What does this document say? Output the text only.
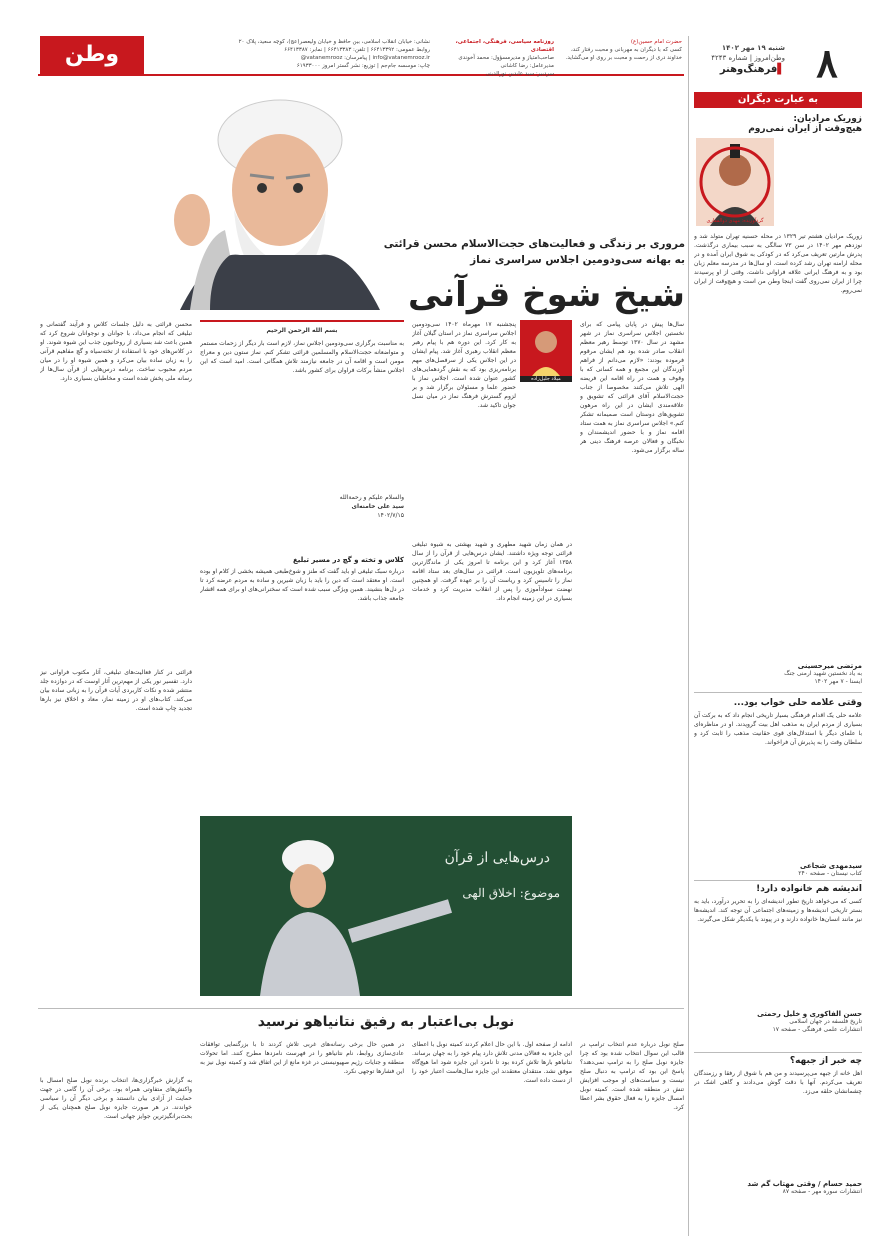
۸
شنبه ۱۹ مهر ۱۴۰۲
وطن‌امروز | شماره ۴۲۴۳
▌فرهنگ‌وهنر
به عبارت دیگران
زوریک مرادیان:
هیچ‌وقت از ایران نمی‌روم
گردآورنده: مهدی ذوالفقاری
زوریک مرادیان هشتم تیر ۱۳۲۹ در محله حسنیه تهران متولد شد و نوزدهم مهر ۱۴۰۲ در سن ۷۳ سالگی به سبب بیماری درگذشت. پدرش مارتین تعریف می‌کرد که در کودکی به شوق ایران آمده و در محله ارامنه تهران رشد کرده است. او سال‌ها در مدرسه معلم زبان بود و به فرهنگ ایرانی علاقه فراوانی داشت. وقتی از او پرسیدند چرا از ایران نمی‌روی گفت اینجا وطن من است و هیچ‌وقت از ایران نمی‌روم.
مرتضی میرحسینی
به یاد نخستین شهید ارمنی جنگ
ایسنا - ۷ مهر ۱۴۰۲
وقتی علامه حلی خواب بود...
علامه حلی یک اقدام فرهنگی بسیار تاریخی انجام داد که به برکت آن بسیاری از مردم ایران به مذهب اهل بیت گرویدند. او در مناظره‌ای با علمای دیگر با استدلال‌های قوی حقانیت مذهب را ثابت کرد و سلطان وقت را به پذیرش آن فراخواند.
سیدمهدی شجاعی
کتاب نیستان - صفحه ۲۴۰
اندیشه هم خانواده دارد!
کسی که می‌خواهد تاریخ تطور اندیشه‌ای را به تحریر درآورد، باید به بستر تاریخی اندیشه‌ها و زمینه‌های اجتماعی آن توجه کند. اندیشه‌ها نیز مانند انسان‌ها خانواده دارند و در پیوند با یکدیگر شکل می‌گیرند.
حسن الفاکوری و خلیل رحمتی
تاریخ فلسفه در جهان اسلامی
انتشارات علمی فرهنگی - صفحه ۱۷
چه خبر از جبهه؟
اهل خانه از جبهه می‌پرسیدند و من هم با شوق از رفقا و رزمندگان تعریف می‌کردم. آنها با دقت گوش می‌دادند و گاهی اشک در چشمانشان حلقه می‌زد.
حمید حسام / وقتی مهتاب گم شد
انتشارات سوره مهر - صفحه ۸۷
وطن امروز
نشانی: خیابان انقلاب اسلامی، بین حافظ و خیابان ولیعصر(عج)، کوچه سعید، پلاک ۲۰
روابط عمومی: ۶۶۴۱۳۳۹۲ | تلفن: ۶۶۴۱۳۳۸۳ | نمابر: ۶۶۴۱۳۳۸۷
info@vatanemrooz.ir | پیامرسان: vatanemrooz@
چاپ: موسسه جام‌جم | توزیع: نشر گستر امروز ۶۱۹۳۳۰۰۰
روزنامه سیاسی، فرهنگی، اجتماعی، اقتصادی
صاحب‌امتیاز و مدیرمسؤول: محمد آخوندی
مدیرعامل: رضا کاشانی
سردبیر: سید عابدین نورالدینی
حضرت امام حسین(ع)
کسی که با دیگران به مهربانی و محبت رفتار کند، خداوند دری از رحمت و محبت بر روی او می‌گشاید.
مروری بر زندگی و فعالیت‌های حجت‌الاسلام محسن قرائتی
به بهانه سی‌ودومین اجلاس سراسری نماز
شیخ شوخ قرآنی
سال‌ها پیش در پایان پیامی که برای نخستین اجلاس سراسری نماز در شهر مشهد در سال ۱۳۷۰ توسط رهبر معظم انقلاب صادر شده بود هم ایشان مرقوم فرموده بودند: «لازم می‌دانم از فراهم آورندگان این مجمع و همه کسانی که با وقوف و همت در راه اقامه این فریضه الهی تلاش می‌کنند مخصوصا از جناب حجت‌الاسلام آقای قرائتی که تشویق و علاقه‌مندی ایشان در این راه مرهون تشویق‌های دوستان است صمیمانه تشکر کنم.» اجلاس سراسری نماز به همت ستاد اقامه نماز و با حضور اندیشمندان و نخبگان و فعالان عرصه فرهنگ دینی هر ساله برگزار می‌شود.
میلاد جلیل‌زاده
پنجشنبه ۱۷ مهرماه ۱۴۰۲ سی‌ودومین اجلاس سراسری نماز در استان گیلان آغاز به کار کرد. این دوره هم با پیام رهبر معظم انقلاب رهبری آغاز شد. پیام ایشان در این اجلاس یکی از سرفصل‌های مهم برنامه‌ریزی بود که به نقش گردهمایی‌های کشور عنوان شده است. اجلاس نماز با حضور علما و مسئولان برگزار شد و بر لزوم گسترش فرهنگ نماز در میان نسل جوان تاکید شد.
بسم الله الرحمن الرحیم
به مناسبت برگزاری سی‌ودومین اجلاس نماز، لازم است بار دیگر از زحمات مستمر و متواضعانه حجت‌الاسلام والمسلمین قرائتی تشکر کنم. نماز ستون دین و معراج مومن است و اقامه آن در جامعه نیازمند تلاش همگانی است. امید است که این اجلاس منشأ برکات فراوان برای کشور باشد.
والسلام علیکم و رحمة‌الله
سید علی خامنه‌ای
۱۴۰۲/۷/۱۵
محسن قرائتی به دلیل جلسات کلاس و فرآیند گفتمانی و تبلیغی که انجام می‌داد، با جوانان و نوجوانان شروع کرد که همین باعث شد بسیاری از روحانیون جذب این شیوه شوند. او در کلاس‌های خود با استفاده از تخته‌سیاه و گچ مفاهیم قرآنی را به زبان ساده بیان می‌کرد و همین شیوه او را در میان مردم محبوب ساخت. برنامه درس‌هایی از قرآن سال‌ها از رسانه ملی پخش شده است و مخاطبان بسیاری دارد.
در همان زمان شهید مطهری و شهید بهشتی به شیوه تبلیغی قرائتی توجه ویژه داشتند. ایشان درس‌هایی از قرآن را از سال ۱۳۵۸ آغاز کرد و این برنامه تا امروز یکی از ماندگارترین برنامه‌های تلویزیون است. قرائتی در سال‌های بعد ستاد اقامه نماز را تاسیس کرد و ریاست آن را بر عهده گرفت. او همچنین نهضت سوادآموزی را پس از انقلاب مدیریت کرد و خدمات بسیاری در این زمینه انجام داد.
کلاس و تخته و گچ در مسیر تبلیغ
درباره سبک تبلیغی او باید گفت که طنز و شوخ‌طبعی همیشه بخشی از کلام او بوده است. او معتقد است که دین را باید با زبان شیرین و ساده به مردم عرضه کرد تا در دل‌ها بنشیند. همین ویژگی سبب شده است که سخنرانی‌های او برای همه اقشار جامعه جذاب باشد.
قرائتی در کنار فعالیت‌های تبلیغی، آثار مکتوب فراوانی نیز دارد. تفسیر نور یکی از مهم‌ترین آثار اوست که در دوازده جلد منتشر شده و نکات کاربردی آیات قرآن را به زبانی ساده بیان می‌کند. کتاب‌های او در زمینه نماز، معاد و اخلاق نیز بارها تجدید چاپ شده است.
درس‌هایی از قرآن
موضوع: اخلاق الهی
نوبل بی‌اعتبار به رفیق نتانیاهو نرسید
صلح نوبل درباره عدم انتخاب ترامپ در قالب این سوال انتخاب شده بود که چرا جایزه نوبل صلح را به ترامپ نمی‌دهند؟ پاسخ این بود که ترامپ به دنبال صلح نیست و سیاست‌های او موجب افزایش تنش در منطقه شده است. کمیته نوبل امسال جایزه را به فعال حقوق بشر اعطا کرد.
ادامه از صفحه اول. با این حال اعلام کردند کمیته نوبل با اعطای این جایزه به فعالان مدنی تلاش دارد پیام خود را به جهان برساند. نتانیاهو بارها تلاش کرده بود تا نامزد این جایزه شود اما هیچ‌گاه موفق نشد. منتقدان معتقدند این جایزه سال‌هاست اعتبار خود را از دست داده است.
در همین حال برخی رسانه‌های غربی تلاش کردند تا با بزرگنمایی توافقات عادی‌سازی روابط، نام نتانیاهو را در فهرست نامزدها مطرح کنند. اما تحولات منطقه و جنایات رژیم صهیونیستی در غزه مانع از این اتفاق شد و کمیته نوبل نیز به این فشارها توجهی نکرد.
به گزارش خبرگزاری‌ها، انتخاب برنده نوبل صلح امسال با واکنش‌های متفاوتی همراه بود. برخی آن را گامی در جهت حمایت از آزادی بیان دانستند و برخی دیگر آن را سیاسی خواندند. در هر صورت جایزه نوبل صلح همچنان یکی از بحث‌برانگیزترین جوایز جهانی است.
